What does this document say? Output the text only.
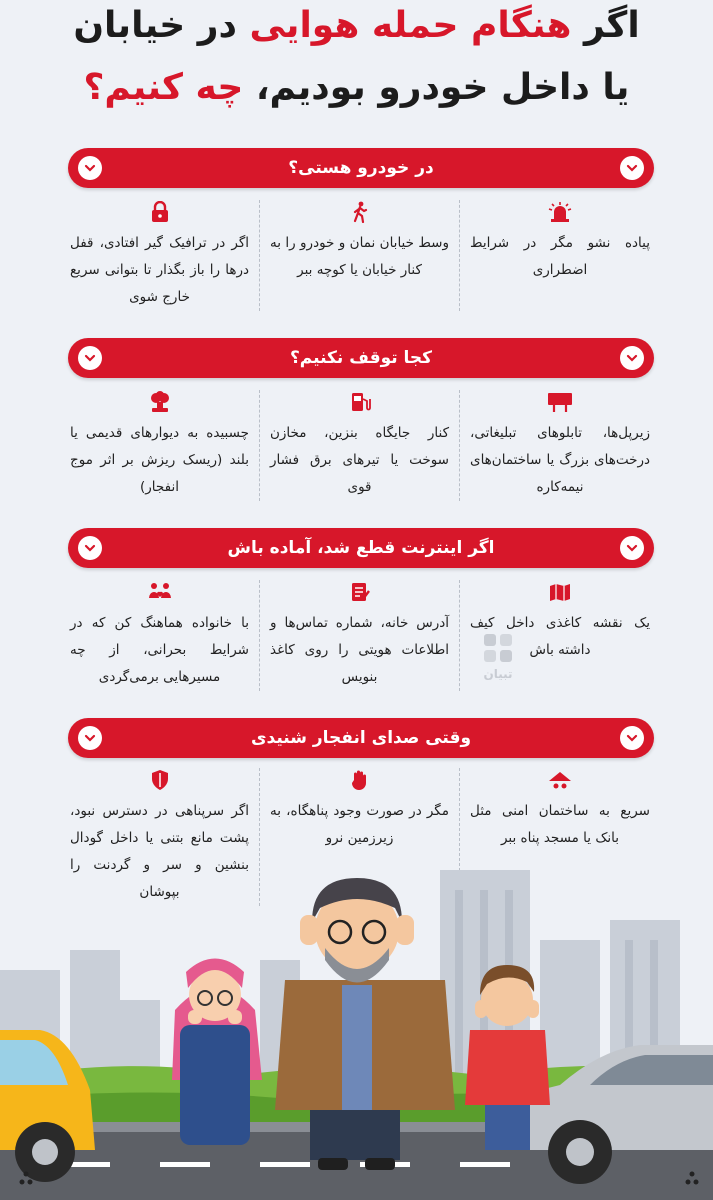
اگر هنگام حمله هوایی در خیابان
یا داخل خودرو بودیم، چه کنیم؟
در خودرو هستی؟
پیاده نشو مگر در شرایط اضطراری
وسط خیابان نمان و خودرو را به کنار خیابان یا کوچه ببر
اگر در ترافیک گیر افتادی، قفل درها را باز بگذار تا بتوانی سریع خارج شوی
کجا توقف نکنیم؟
زیرپل‌ها، تابلوهای تبلیغاتی، درخت‌های بزرگ یا ساختمان‌های نیمه‌کاره
کنار جایگاه بنزین، مخازن سوخت یا تیرهای برق فشار قوی
چسبیده به دیوارهای قدیمی یا بلند (ریسک ریزش بر اثر موج انفجار)
اگر اینترنت قطع شد، آماده باش
یک نقشه کاغذی داخل کیف داشته باش
آدرس خانه، شماره تماس‌ها و اطلاعات هویتی را روی کاغذ بنویس
با خانواده هماهنگ کن که در شرایط بحرانی، از چه مسیرهایی برمی‌گردی	تبیان
وقتی صدای انفجار شنیدی
سریع به ساختمان امنی مثل بانک یا مسجد پناه ببر
مگر در صورت وجود پناهگاه، به زیرزمین نرو
اگر سرپناهی در دسترس نبود، پشت مانع بتنی یا داخل گودال بنشین و سر و گردنت را بپوشان
